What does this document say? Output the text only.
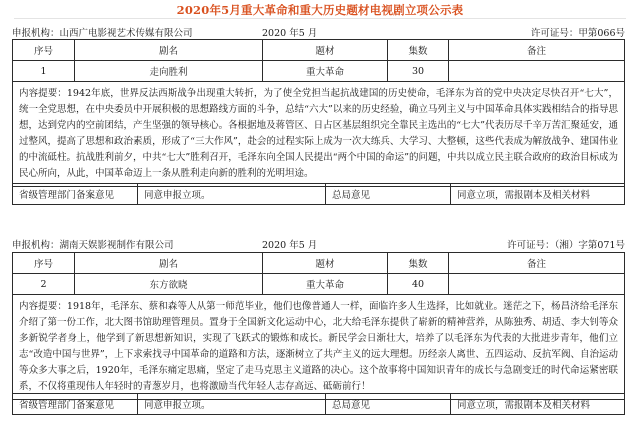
2020年5月重大革命和重大历史题材电视剧立项公示表
申报机构：山西广电影视艺术传媒有限公司	2020 年5 月	许可证号：甲第066号
序号	剧名	题材	集数	备注
1	走向胜利	重大革命	30	
内容提要：1942年底，世界反法西斯战争出现重大转折，为了使全党担当起抗战建国的历史使命，毛泽东为首的党中央决定尽快召开“七大”，统一全党思想，在中央委员中开展积极的思想路线方面的斗争，总结“六大”以来的历史经验，确立马列主义与中国革命具体实践相结合的指导思想，达到党内的空前团结，产生坚强的领导核心。各根据地及蒋管区、日占区基层组织完全靠民主选出的“七大”代表历尽千辛万苦汇聚延安，通过整风，提高了思想和政治素质，形成了“三大作风”，赴会的过程实际上成为一次大练兵、大学习、大整顿，这些代表成为解放战争、建国伟业的中流砥柱。抗战胜利前夕，中共“七大”胜利召开，毛泽东向全国人民提出“两个中国的命运”的问题，中共以成立民主联合政府的政治目标成为民心所向，从此，中国革命迈上一条从胜利走向新的胜利的光明坦途。				
省级管理部门备案意见	同意申报立项。	总局意见	同意立项，需报剧本及相关材料
申报机构：湖南天娱影视制作有限公司	2020 年5 月	许可证号：（湘）字第071号
序号	剧名	题材	集数	备注
2	东方欲晓	重大革命	40	
内容提要：1918年，毛泽东、蔡和森等人从第一师范毕业，他们也像普通人一样，面临许多人生选择，比如就业。迷茫之下，杨昌济给毛泽东介绍了第一份工作，北大图书馆助理管理员。置身于全国新文化运动中心，北大给毛泽东提供了崭新的精神营养，从陈独秀、胡适、李大钊等众多新锐学者身上，他学到了新思想新知识，实现了飞跃式的锻炼和成长。新民学会日渐壮大，培养了以毛泽东为代表的大批进步青年，他们立志“改造中国与世界”，上下求索找寻中国革命的道路和方法，逐渐树立了共产主义的远大理想。历经亲人离世、五四运动、反抗军阀、自治运动等众多大事之后，1920年，毛泽东痛定思痛，坚定了走马克思主义道路的决心。这个故事将中国知识青年的成长与急剧变迁的时代命运紧密联系，不仅将重现伟人年轻时的青葱岁月，也将激励当代年轻人志存高远、砥砺前行！				
省级管理部门备案意见	同意申报立项。	总局意见	同意立项，需报剧本及相关材料
